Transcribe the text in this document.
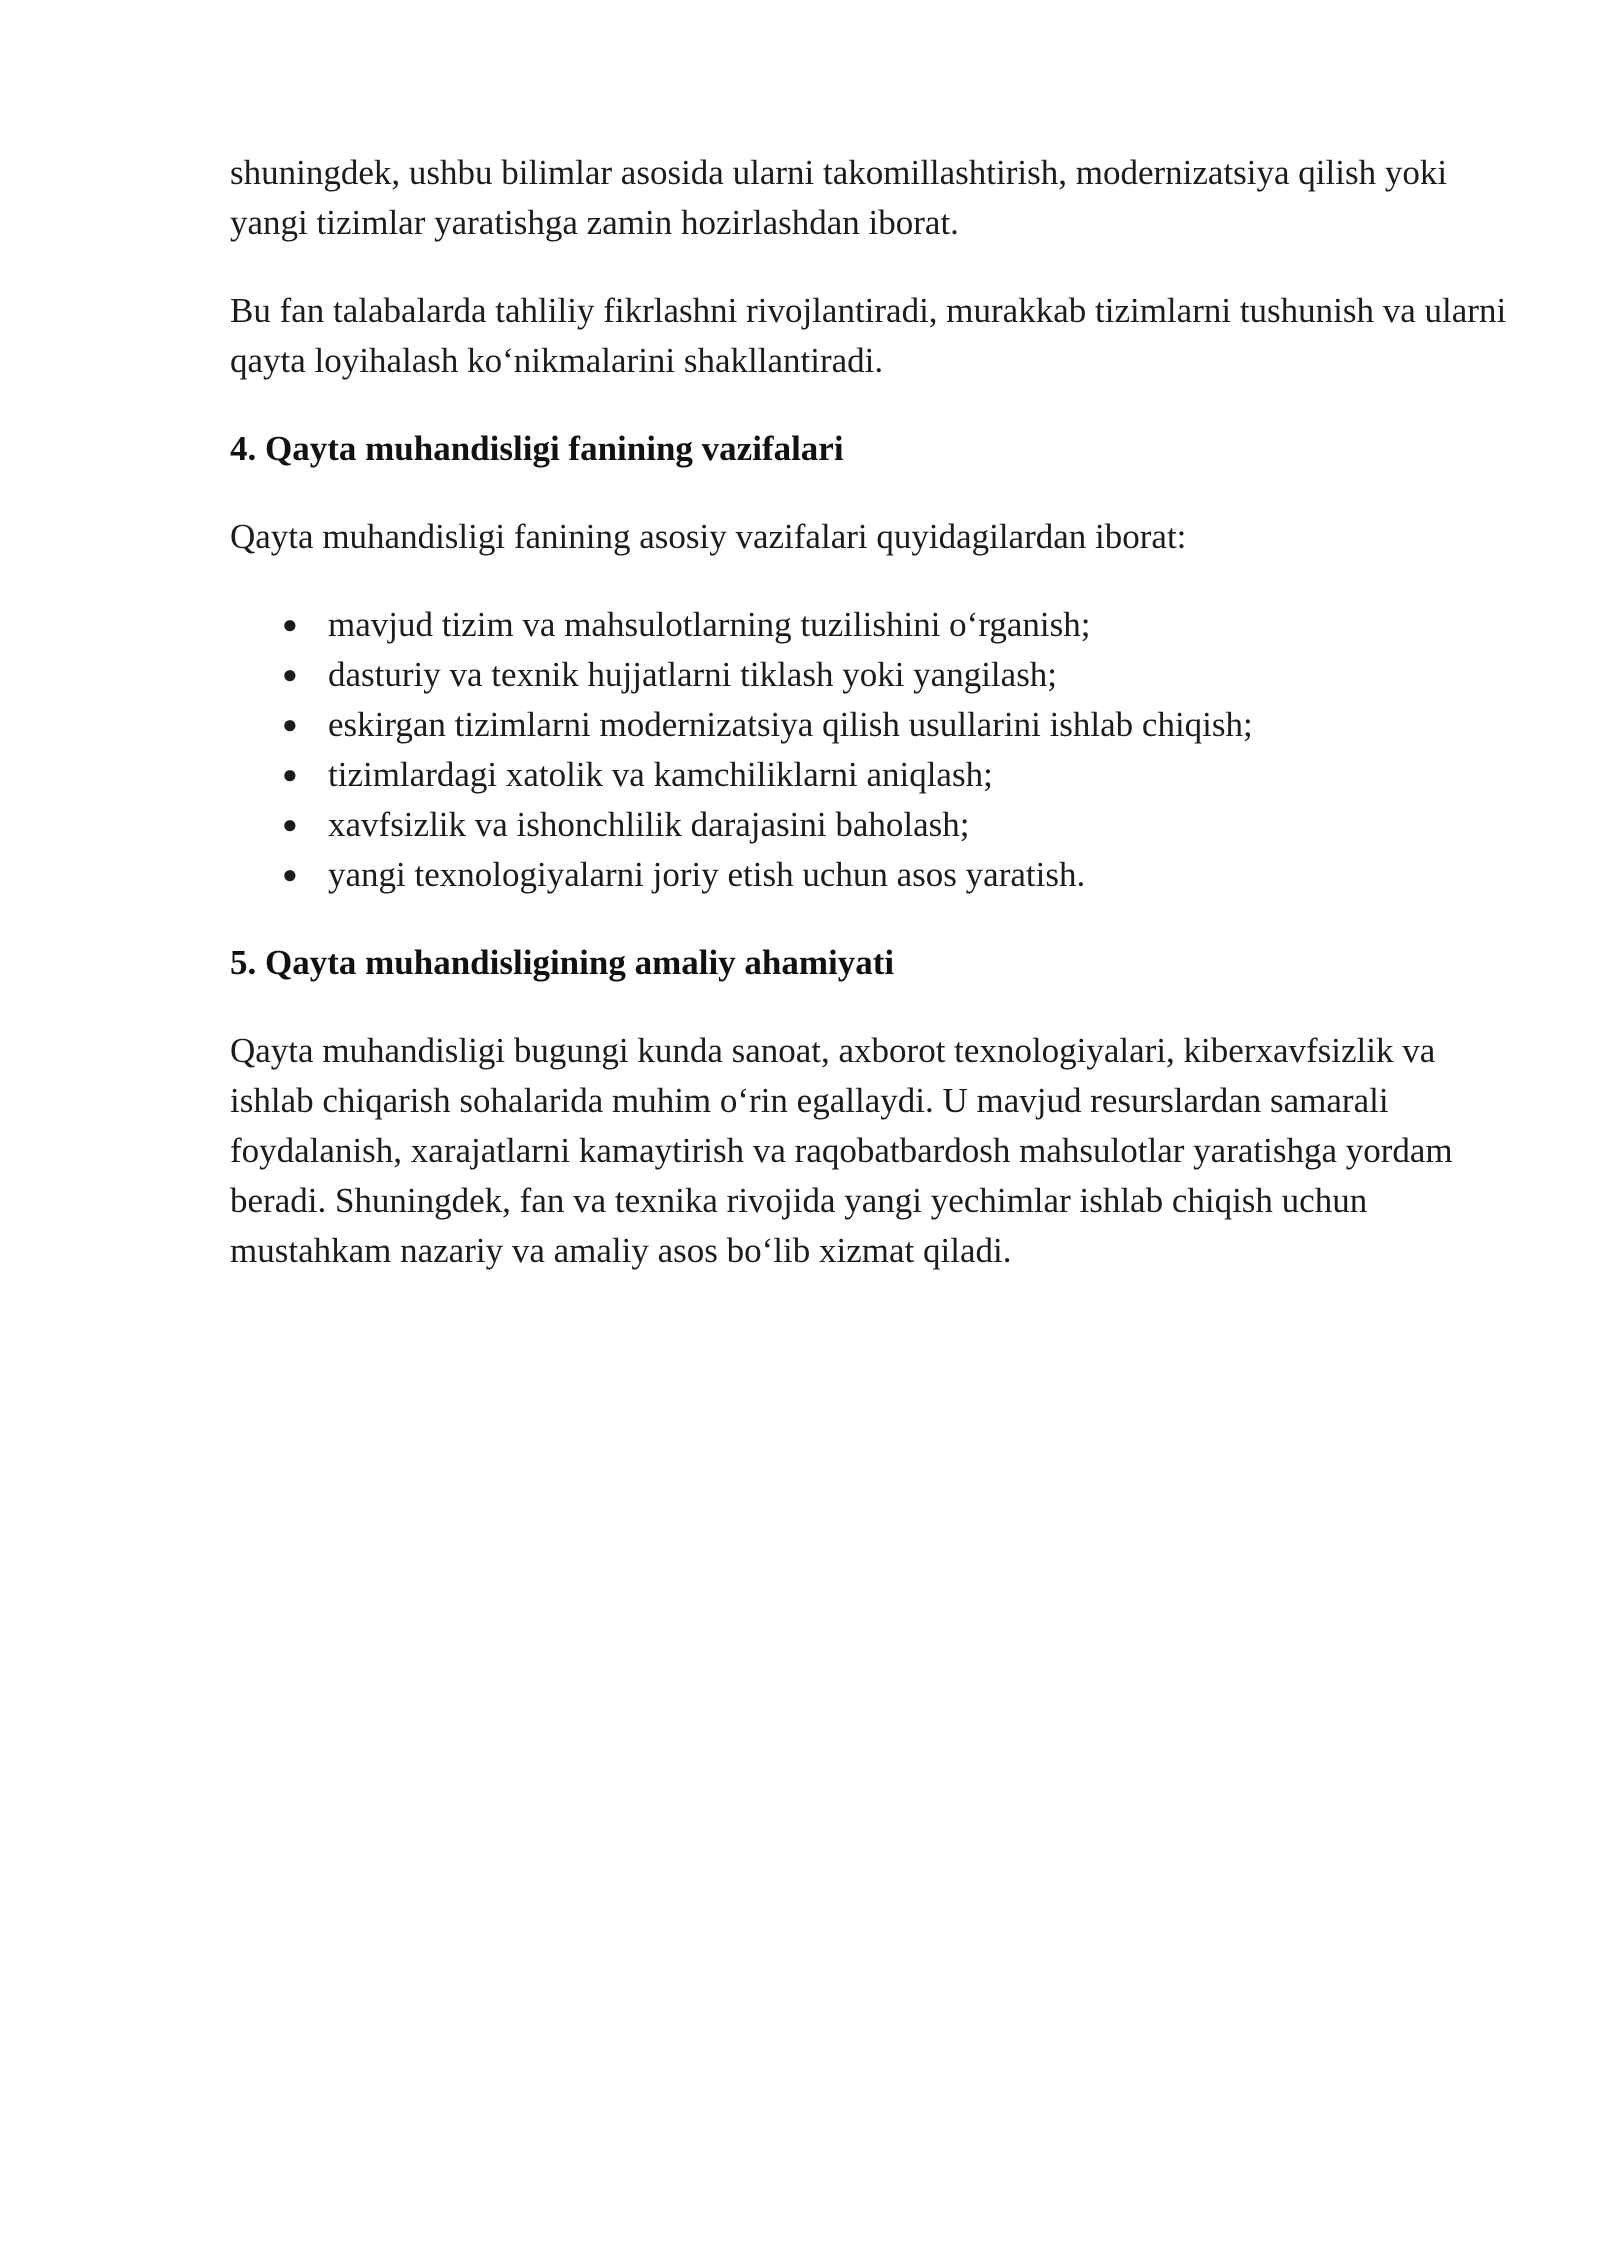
shuningdek, ushbu bilimlar asosida ularni takomillashtirish, modernizatsiya qilish yoki yangi tizimlar yaratishga zamin hozirlashdan iborat.

Bu fan talabalarda tahliliy fikrlashni rivojlantiradi, murakkab tizimlarni tushunish va ularni qayta loyihalash ko‘nikmalarini shakllantiradi.

4. Qayta muhandisligi fanining vazifalari

Qayta muhandisligi fanining asosiy vazifalari quyidagilardan iborat:

● mavjud tizim va mahsulotlarning tuzilishini o‘rganish;
● dasturiy va texnik hujjatlarni tiklash yoki yangilash;
● eskirgan tizimlarni modernizatsiya qilish usullarini ishlab chiqish;
● tizimlardagi xatolik va kamchiliklarni aniqlash;
● xavfsizlik va ishonchlilik darajasini baholash;
● yangi texnologiyalarni joriy etish uchun asos yaratish.
5. Qayta muhandisligining amaliy ahamiyati

Qayta muhandisligi bugungi kunda sanoat, axborot texnologiyalari, kiberxavfsizlik va ishlab chiqarish sohalarida muhim o‘rin egallaydi. U mavjud resurslardan samarali foydalanish, xarajatlarni kamaytirish va raqobatbardosh mahsulotlar yaratishga yordam beradi. Shuningdek, fan va texnika rivojida yangi yechimlar ishlab chiqish uchun mustahkam nazariy va amaliy asos bo‘lib xizmat qiladi.
